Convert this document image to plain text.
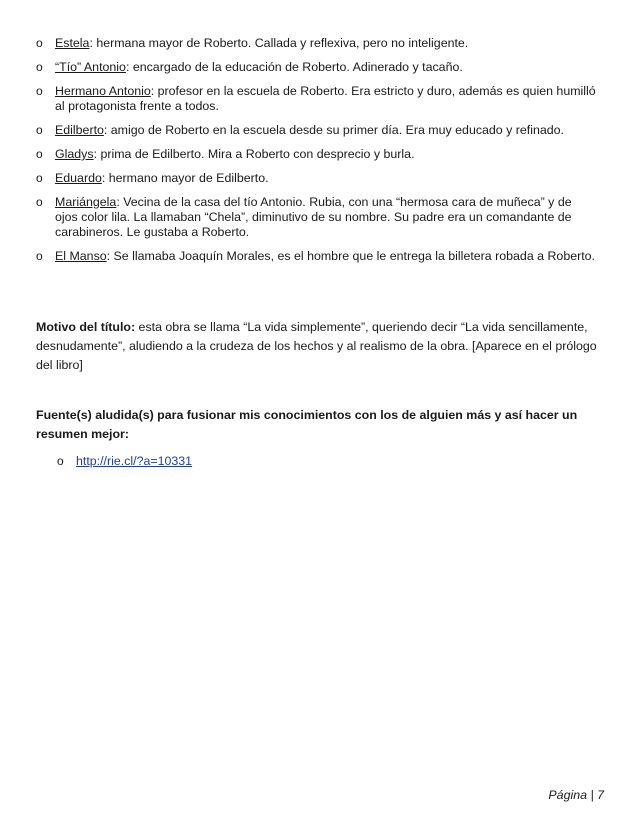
o Estela: hermana mayor de Roberto. Callada y reflexiva, pero no inteligente.
o “Tío” Antonio: encargado de la educación de Roberto. Adinerado y tacaño.
o Hermano Antonio: profesor en la escuela de Roberto. Era estricto y duro, además es quien humilló al protagonista frente a todos.
o Edilberto: amigo de Roberto en la escuela desde su primer día. Era muy educado y refinado.
o Gladys: prima de Edilberto. Mira a Roberto con desprecio y burla.
o Eduardo: hermano mayor de Edilberto.
o Mariángela: Vecina de la casa del tío Antonio. Rubia, con una “hermosa cara de muñeca” y de ojos color lila. La llamaban “Chela”, diminutivo de su nombre. Su padre era un comandante de carabineros. Le gustaba a Roberto.
o El Manso: Se llamaba Joaquín Morales, es el hombre que le entrega la billetera robada a Roberto.

Motivo del título: esta obra se llama “La vida simplemente”, queriendo decir “La vida sencillamente, desnudamente”, aludiendo a la crudeza de los hechos y al realismo de la obra. [Aparece en el prólogo del libro]

Fuente(s) aludida(s) para fusionar mis conocimientos con los de alguien más y así hacer un resumen mejor:

o http://rie.cl/?a=10331
Página | 7
